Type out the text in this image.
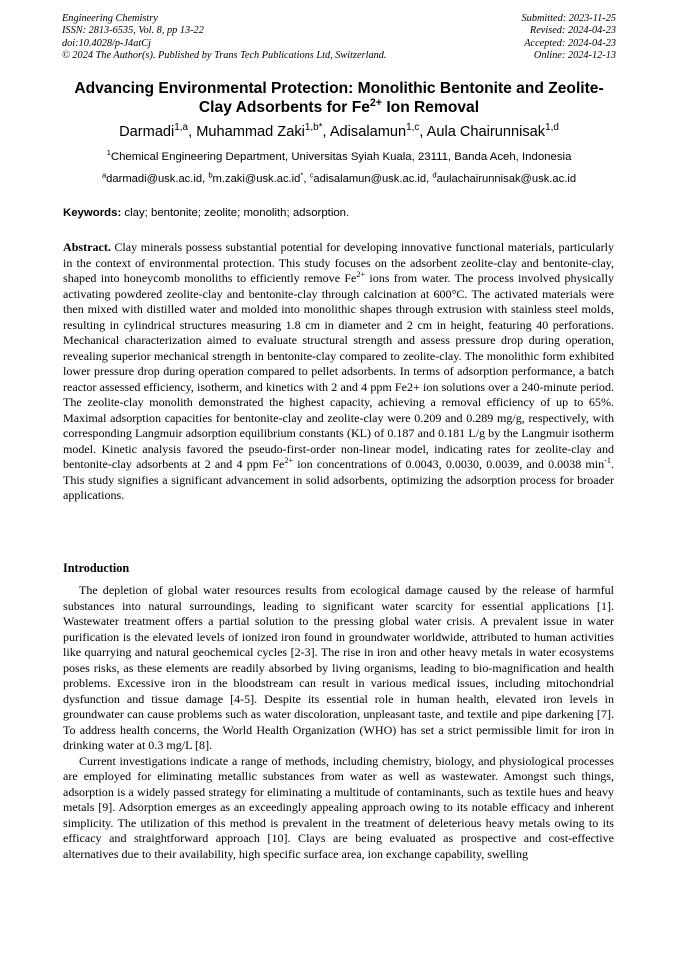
Engineering Chemistry
ISSN: 2813-6535, Vol. 8, pp 13-22
doi:10.4028/p-J4atCj
© 2024 The Author(s). Published by Trans Tech Publications Ltd, Switzerland.
Submitted: 2023-11-25
Revised: 2024-04-23
Accepted: 2024-04-23
Online: 2024-12-13
Advancing Environmental Protection: Monolithic Bentonite and Zeolite-Clay Adsorbents for $Fe^{2+}$ Ion Removal
Darmadi$^{1,a}$, Muhammad Zaki$^{1,b*}$, Adisalamun$^{1,c}$, Aula Chairunnisak$^{1,d}$
$^1$Chemical Engineering Department, Universitas Syiah Kuala, 23111, Banda Aceh, Indonesia
$^a$darmadi@usk.ac.id, $^b$m.zaki@usk.ac.id*, $^c$adisalamun@usk.ac.id, $^d$aulachairunnisak@usk.ac.id
Keywords: clay; bentonite; zeolite; monolith; adsorption.
Abstract. Clay minerals possess substantial potential for developing innovative functional materials, particularly in the context of environmental protection. This study focuses on the adsorbent zeolite-clay and bentonite-clay, shaped into honeycomb monoliths to efficiently remove $Fe^{2+}$ ions from water. The process involved physically activating powdered zeolite-clay and bentonite-clay through calcination at 600°C. The activated materials were then mixed with distilled water and molded into monolithic shapes through extrusion with stainless steel molds, resulting in cylindrical structures measuring 1.8 cm in diameter and 2 cm in height, featuring 40 perforations. Mechanical characterization aimed to evaluate structural strength and assess pressure drop during operation, revealing superior mechanical strength in bentonite-clay compared to zeolite-clay. The monolithic form exhibited lower pressure drop during operation compared to pellet adsorbents. In terms of adsorption performance, a batch reactor assessed efficiency, isotherm, and kinetics with 2 and 4 ppm Fe2+ ion solutions over a 240-minute period. The zeolite-clay monolith demonstrated the highest capacity, achieving a removal efficiency of up to 65%. Maximal adsorption capacities for bentonite-clay and zeolite-clay were 0.209 and 0.289 mg/g, respectively, with corresponding Langmuir adsorption equilibrium constants (KL) of 0.187 and 0.181 L/g by the Langmuir isotherm model. Kinetic analysis favored the pseudo-first-order non-linear model, indicating rates for zeolite-clay and bentonite-clay adsorbents at 2 and 4 ppm $Fe^{2+}$ ion concentrations of 0.0043, 0.0030, 0.0039, and 0.0038 $\min^{-1}$. This study signifies a significant advancement in solid adsorbents, optimizing the adsorption process for broader applications.
Introduction

The depletion of global water resources results from ecological damage caused by the release of harmful substances into natural surroundings, leading to significant water scarcity for essential applications [1]. Wastewater treatment offers a partial solution to the pressing global water crisis. A prevalent issue in water purification is the elevated levels of ionized iron found in groundwater worldwide, attributed to human activities like quarrying and natural geochemical cycles [2-3]. The rise in iron and other heavy metals in water ecosystems poses risks, as these elements are readily absorbed by living organisms, leading to bio-magnification and health problems. Excessive iron in the bloodstream can result in various medical issues, including mitochondrial dysfunction and tissue damage [4-5]. Despite its essential role in human health, elevated iron levels in groundwater can cause problems such as water discoloration, unpleasant taste, and textile and pipe darkening [7]. To address health concerns, the World Health Organization (WHO) has set a strict permissible limit for iron in drinking water at 0.3 mg/L [8].

Current investigations indicate a range of methods, including chemistry, biology, and physiological processes are employed for eliminating metallic substances from water as well as wastewater. Amongst such things, adsorption is a widely passed strategy for eliminating a multitude of contaminants, such as textile hues and heavy metals [9]. Adsorption emerges as an exceedingly appealing approach owing to its notable efficacy and inherent simplicity. The utilization of this method is prevalent in the treatment of deleterious heavy metals owing to its efficacy and straightforward approach [10]. Clays are being evaluated as prospective and cost-effective alternatives due to their availability, high specific surface area, ion exchange capability, swelling
